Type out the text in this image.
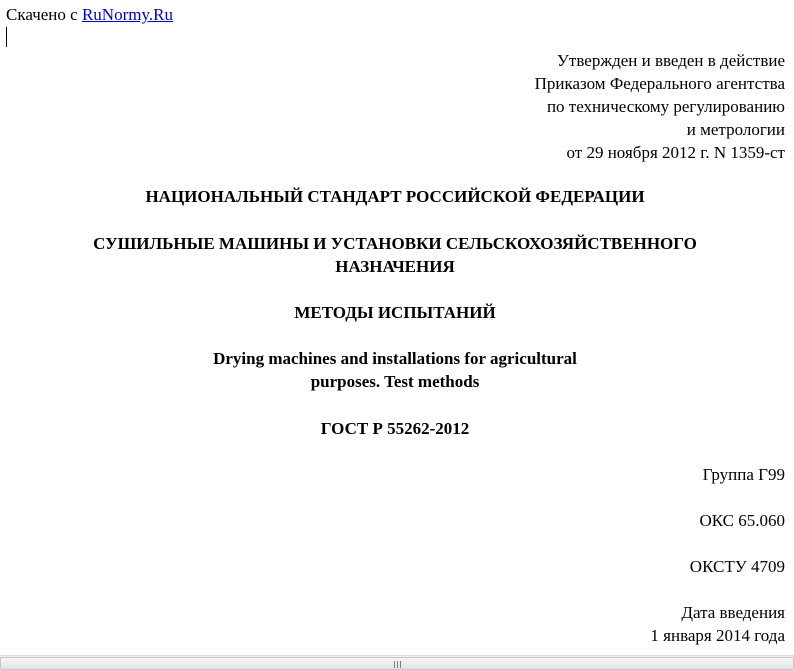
Скачено с RuNormy.Ru
Утвержден и введен в действие
Приказом Федерального агентства
по техническому регулированию
и метрологии
от 29 ноября 2012 г. N 1359-ст
НАЦИОНАЛЬНЫЙ СТАНДАРТ РОССИЙСКОЙ ФЕДЕРАЦИИ
СУШИЛЬНЫЕ МАШИНЫ И УСТАНОВКИ СЕЛЬСКОХОЗЯЙСТВЕННОГО
НАЗНАЧЕНИЯ
МЕТОДЫ ИСПЫТАНИЙ
Drying machines and installations for agricultural
purposes. Test methods
ГОСТ Р 55262-2012
Группа Г99
ОКС 65.060
ОКСТУ 4709
Дата введения
1 января 2014 года
